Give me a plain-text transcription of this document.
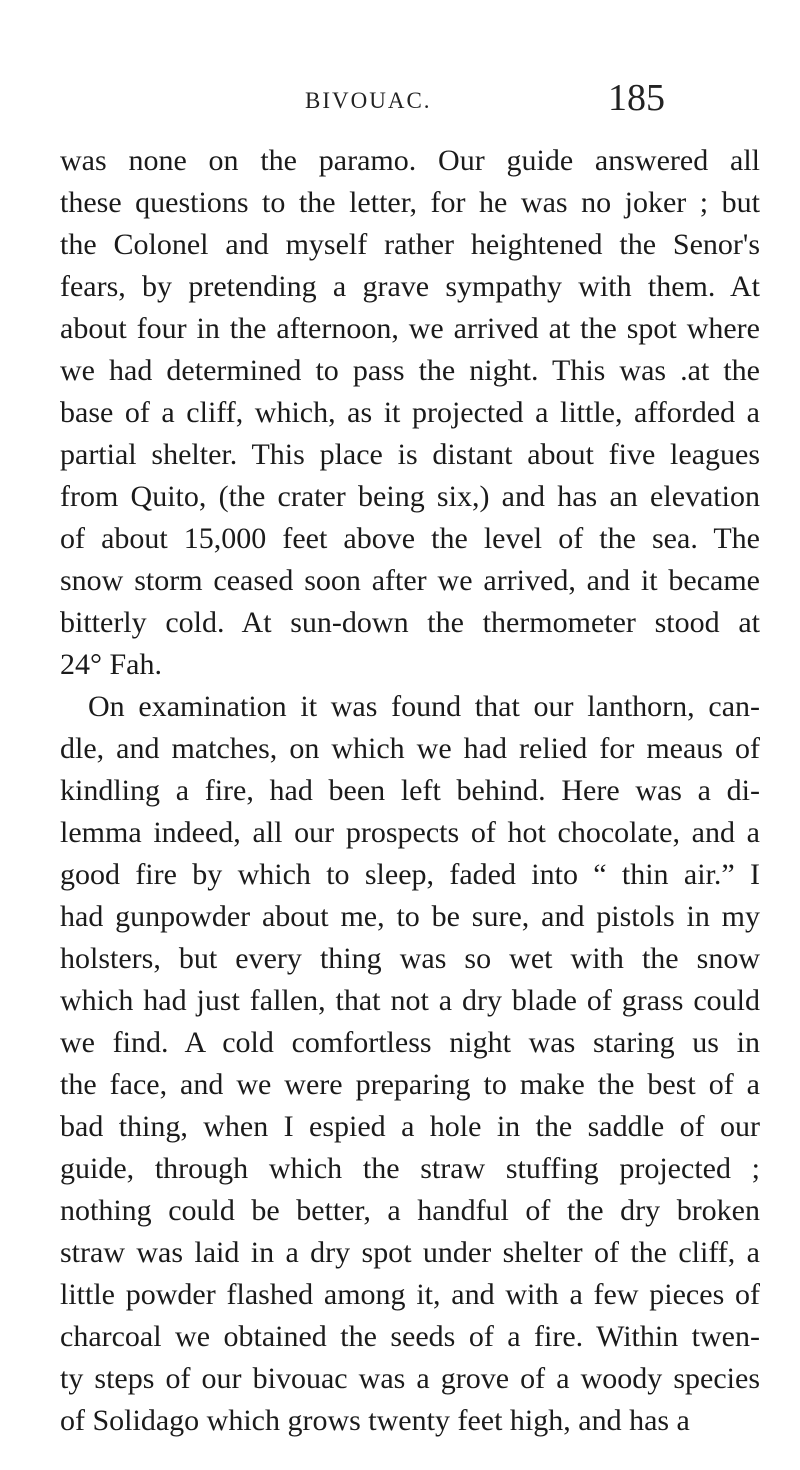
BIVOUAC.	185
was none on the paramo. Our guide answered all
these questions to the letter, for he was no joker ; but
the Colonel and myself rather heightened the Senor's
fears, by pretending a grave sympathy with them. At
about four in the afternoon, we arrived at the spot where
we had determined to pass the night. This was .at the
base of a cliff, which, as it projected a little, afforded a
partial shelter. This place is distant about five leagues
from Quito, (the crater being six,) and has an elevation
of about 15,000 feet above the level of the sea. The
snow storm ceased soon after we arrived, and it became
bitterly cold. At sun-down the thermometer stood at
24° Fah.
On examination it was found that our lanthorn, can-
dle, and matches, on which we had relied for meaus of
kindling a fire, had been left behind. Here was a di-
lemma indeed, all our prospects of hot chocolate, and a
good fire by which to sleep, faded into “ thin air.” I
had gunpowder about me, to be sure, and pistols in my
holsters, but every thing was so wet with the snow
which had just fallen, that not a dry blade of grass could
we find. A cold comfortless night was staring us in
the face, and we were preparing to make the best of a
bad thing, when I espied a hole in the saddle of our
guide, through which the straw stuffing projected ;
nothing could be better, a handful of the dry broken
straw was laid in a dry spot under shelter of the cliff, a
little powder flashed among it, and with a few pieces of
charcoal we obtained the seeds of a fire. Within twen-
ty steps of our bivouac was a grove of a woody species
of Solidago which grows twenty feet high, and has a
